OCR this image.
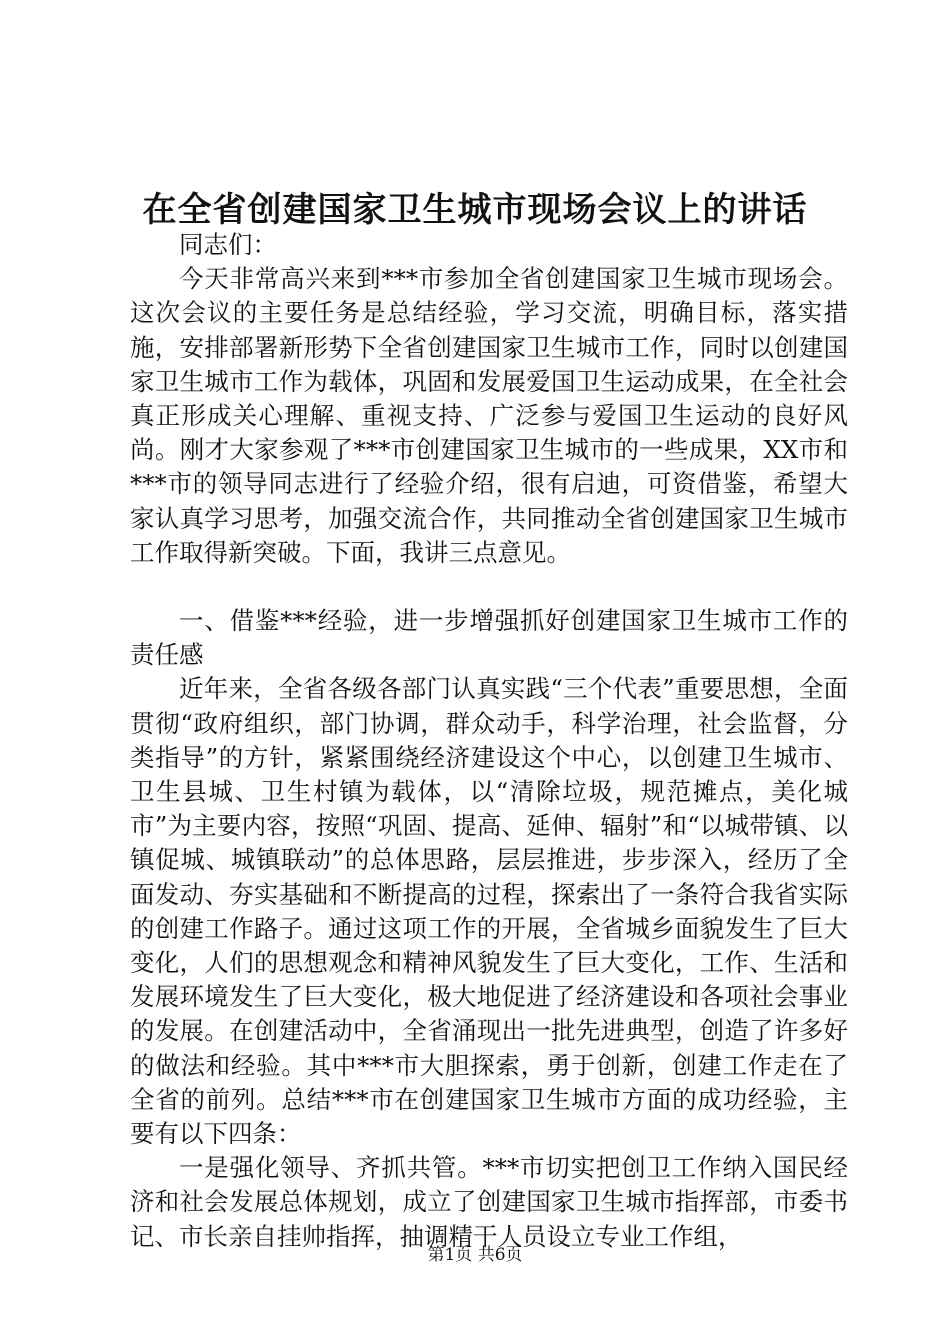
在全省创建国家卫生城市现场会议上的讲话

同志们：

今天非常高兴来到***市参加全省创建国家卫生城市现场会。这次会议的主要任务是总结经验，学习交流，明确目标，落实措施，安排部署新形势下全省创建国家卫生城市工作，同时以创建国家卫生城市工作为载体，巩固和发展爱国卫生运动成果，在全社会真正形成关心理解、重视支持、广泛参与爱国卫生运动的良好风尚。刚才大家参观了***市创建国家卫生城市的一些成果，XX市和***市的领导同志进行了经验介绍，很有启迪，可资借鉴，希望大家认真学习思考，加强交流合作，共同推动全省创建国家卫生城市工作取得新突破。下面，我讲三点意见。

一、借鉴***经验，进一步增强抓好创建国家卫生城市工作的责任感

近年来，全省各级各部门认真实践“三个代表”重要思想，全面贯彻“政府组织，部门协调，群众动手，科学治理，社会监督，分类指导”的方针，紧紧围绕经济建设这个中心，以创建卫生城市、卫生县城、卫生村镇为载体，以“清除垃圾，规范摊点，美化城市”为主要内容，按照“巩固、提高、延伸、辐射”和“以城带镇、以镇促城、城镇联动”的总体思路，层层推进，步步深入，经历了全面发动、夯实基础和不断提高的过程，探索出了一条符合我省实际的创建工作路子。通过这项工作的开展，全省城乡面貌发生了巨大变化，人们的思想观念和精神风貌发生了巨大变化，工作、生活和发展环境发生了巨大变化，极大地促进了经济建设和各项社会事业的发展。在创建活动中，全省涌现出一批先进典型，创造了许多好的做法和经验。其中***市大胆探索，勇于创新，创建工作走在了全省的前列。总结***市在创建国家卫生城市方面的成功经验，主要有以下四条：

一是强化领导、齐抓共管。***市切实把创卫工作纳入国民经济和社会发展总体规划，成立了创建国家卫生城市指挥部，市委书记、市长亲自挂帅指挥，抽调精干人员设立专业工作组，

第1页 共6页
